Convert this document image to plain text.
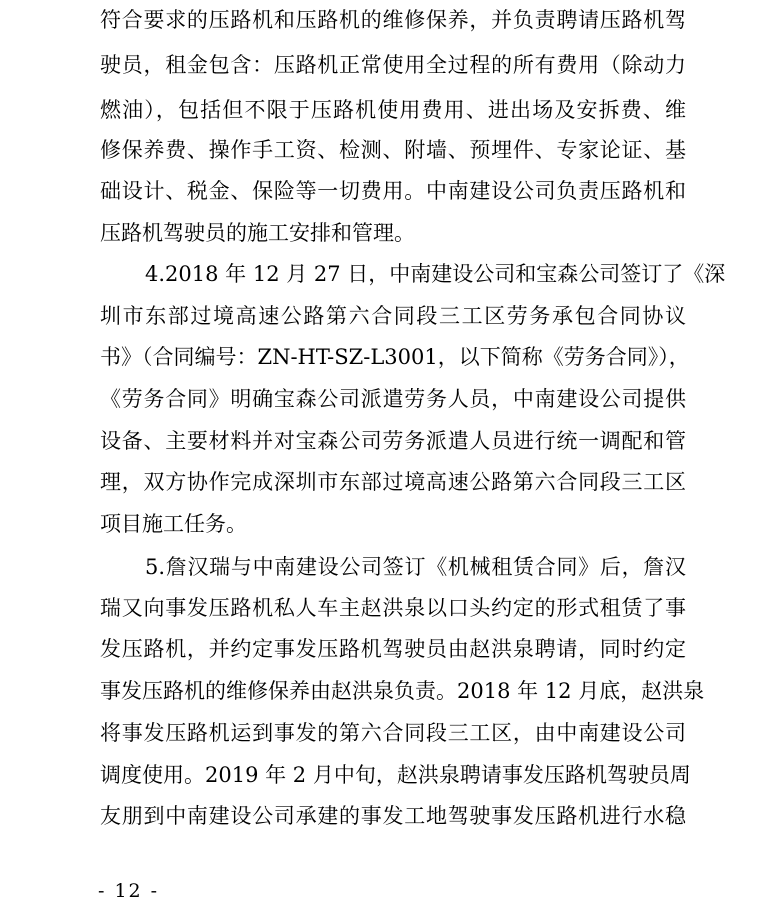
符合要求的压路机和压路机的维修保养，并负责聘请压路机驾
驶员，租金包含：压路机正常使用全过程的所有费用（除动力
燃油），包括但不限于压路机使用费用、进出场及安拆费、维
修保养费、操作手工资、检测、附墙、预埋件、专家论证、基
础设计、税金、保险等一切费用。中南建设公司负责压路机和
压路机驾驶员的施工安排和管理。
4.2018 年 12 月 27 日，中南建设公司和宝森公司签订了《深
圳市东部过境高速公路第六合同段三工区劳务承包合同协议
书》（合同编号：ZN-HT-SZ-L3001，以下简称《劳务合同》），
《劳务合同》明确宝森公司派遣劳务人员，中南建设公司提供
设备、主要材料并对宝森公司劳务派遣人员进行统一调配和管
理，双方协作完成深圳市东部过境高速公路第六合同段三工区
项目施工任务。
5.詹汉瑞与中南建设公司签订《机械租赁合同》后，詹汉
瑞又向事发压路机私人车主赵洪泉以口头约定的形式租赁了事
发压路机，并约定事发压路机驾驶员由赵洪泉聘请，同时约定
事发压路机的维修保养由赵洪泉负责。2018 年 12 月底，赵洪泉
将事发压路机运到事发的第六合同段三工区，由中南建设公司
调度使用。2019 年 2 月中旬，赵洪泉聘请事发压路机驾驶员周
友朋到中南建设公司承建的事发工地驾驶事发压路机进行水稳
- 12 -
